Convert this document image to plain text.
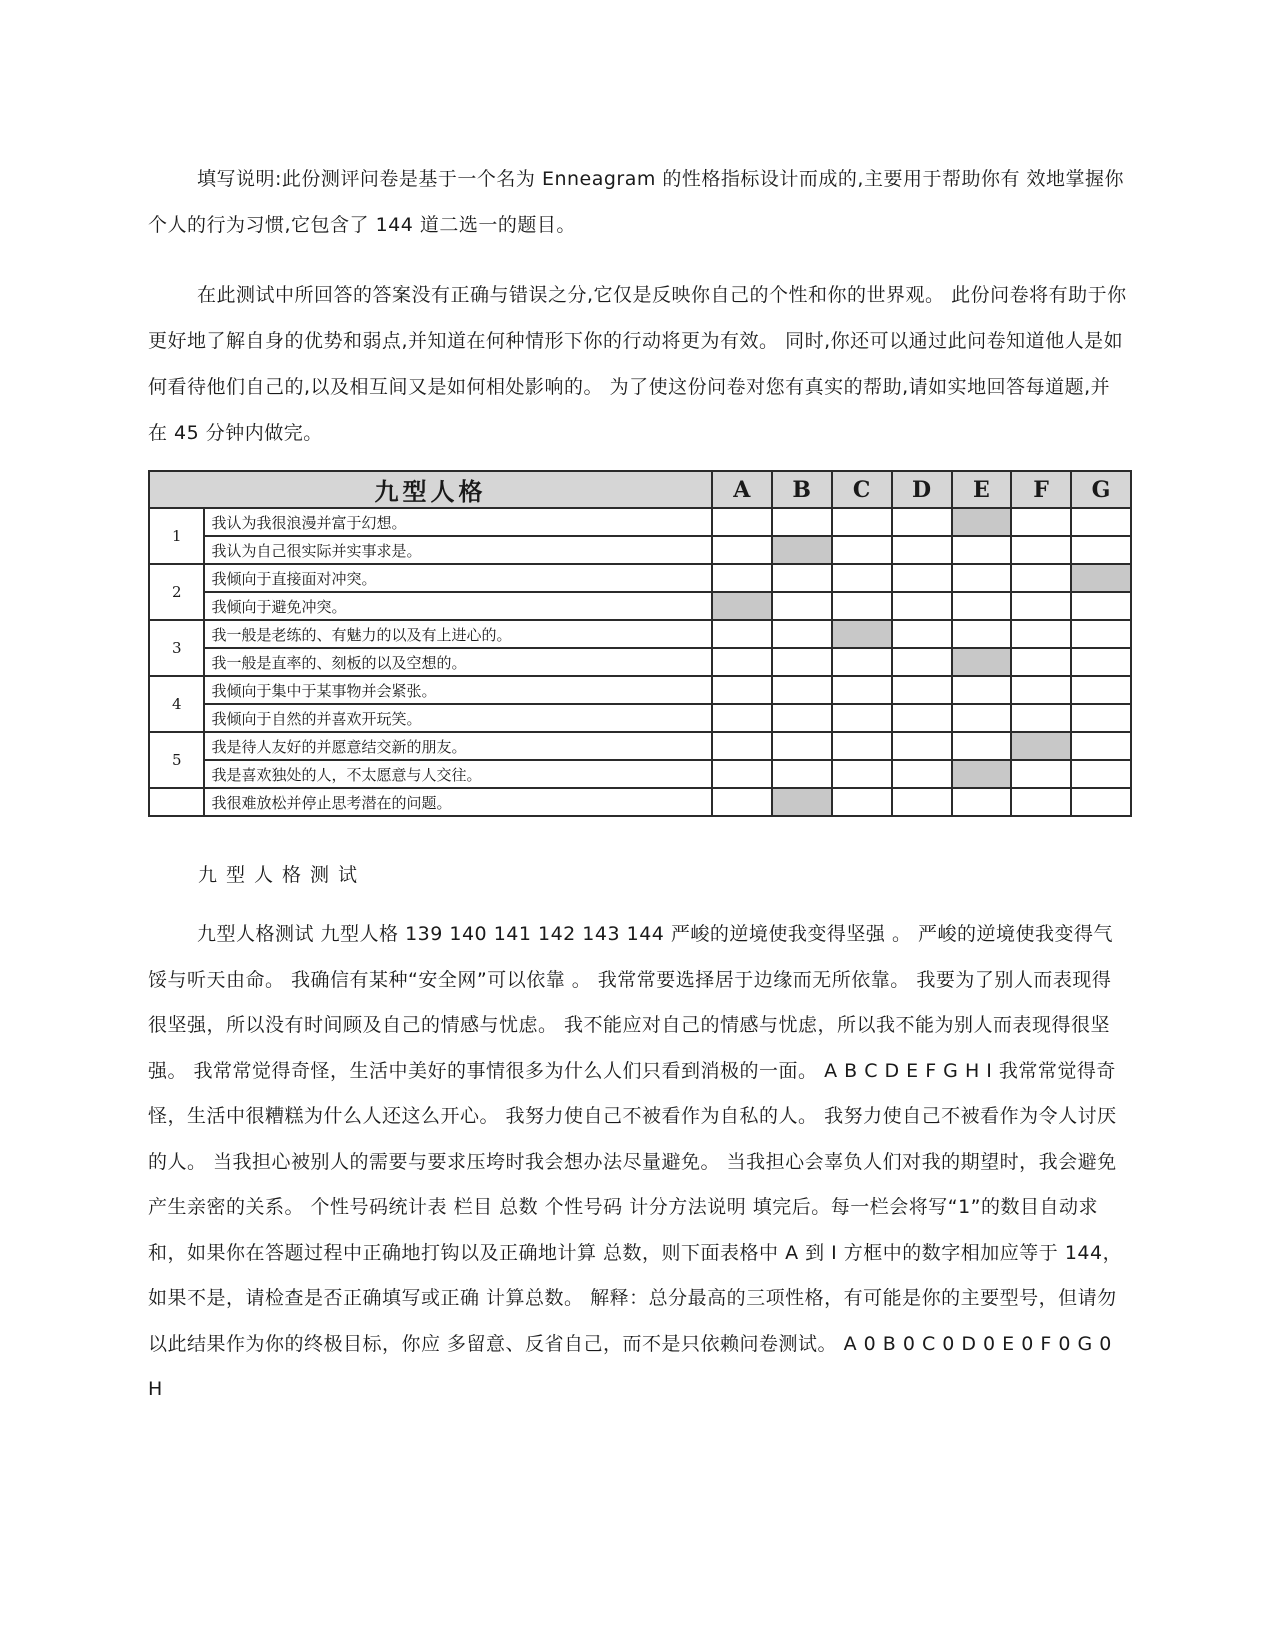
填写说明:此份测评问卷是基于一个名为 Enneagram 的性格指标设计而成的,主要用于帮助你有 效地掌握你个人的行为习惯,它包含了 144 道二选一的题目。
在此测试中所回答的答案没有正确与错误之分,它仅是反映你自己的个性和你的世界观。 此份问卷将有助于你更好地了解自身的优势和弱点,并知道在何种情形下你的行动将更为有效。 同时,你还可以通过此问卷知道他人是如何看待他们自己的,以及相互间又是如何相处影响的。 为了使这份问卷对您有真实的帮助,请如实地回答每道题,并在 45 分钟内做完。
九型人格		A	B	C	D	E	F	G
1	我认为我很浪漫并富于幻想。							
	我认为自己很实际并实事求是。							
2	我倾向于直接面对冲突。							
	我倾向于避免冲突。							
3	我一般是老练的、有魅力的以及有上进心的。							
	我一般是直率的、刻板的以及空想的。							
4	我倾向于集中于某事物并会紧张。							
	我倾向于自然的并喜欢开玩笑。							
5	我是待人友好的并愿意结交新的朋友。							
	我是喜欢独处的人，不太愿意与人交往。							
	我很难放松并停止思考潜在的问题。							
九型人格测试
九型人格测试 九型人格 139 140 141 142 143 144 严峻的逆境使我变得坚强 。 严峻的逆境使我变得气馁与听天由命。 我确信有某种“安全网”可以依靠 。 我常常要选择居于边缘而无所依靠。 我要为了别人而表现得很坚强，所以没有时间顾及自己的情感与忧虑。 我不能应对自己的情感与忧虑，所以我不能为别人而表现得很坚强。 我常常觉得奇怪，生活中美好的事情很多为什么人们只看到消极的一面。 A B C D E F G H I 我常常觉得奇怪，生活中很糟糕为什么人还这么开心。 我努力使自己不被看作为自私的人。 我努力使自己不被看作为令人讨厌的人。 当我担心被别人的需要与要求压垮时我会想办法尽量避免。 当我担心会辜负人们对我的期望时，我会避免产生亲密的关系。 个性号码统计表 栏目 总数 个性号码 计分方法说明 填完后。每一栏会将写“1”的数目自动求和，如果你在答题过程中正确地打钩以及正确地计算 总数，则下面表格中 A 到 I 方框中的数字相加应等于 144，如果不是，请检查是否正确填写或正确 计算总数。 解释：总分最高的三项性格，有可能是你的主要型号，但请勿以此结果作为你的终极目标，你应 多留意、反省自己，而不是只依赖问卷测试。 A 0 B 0 C 0 D 0 E 0 F 0 G 0 H
